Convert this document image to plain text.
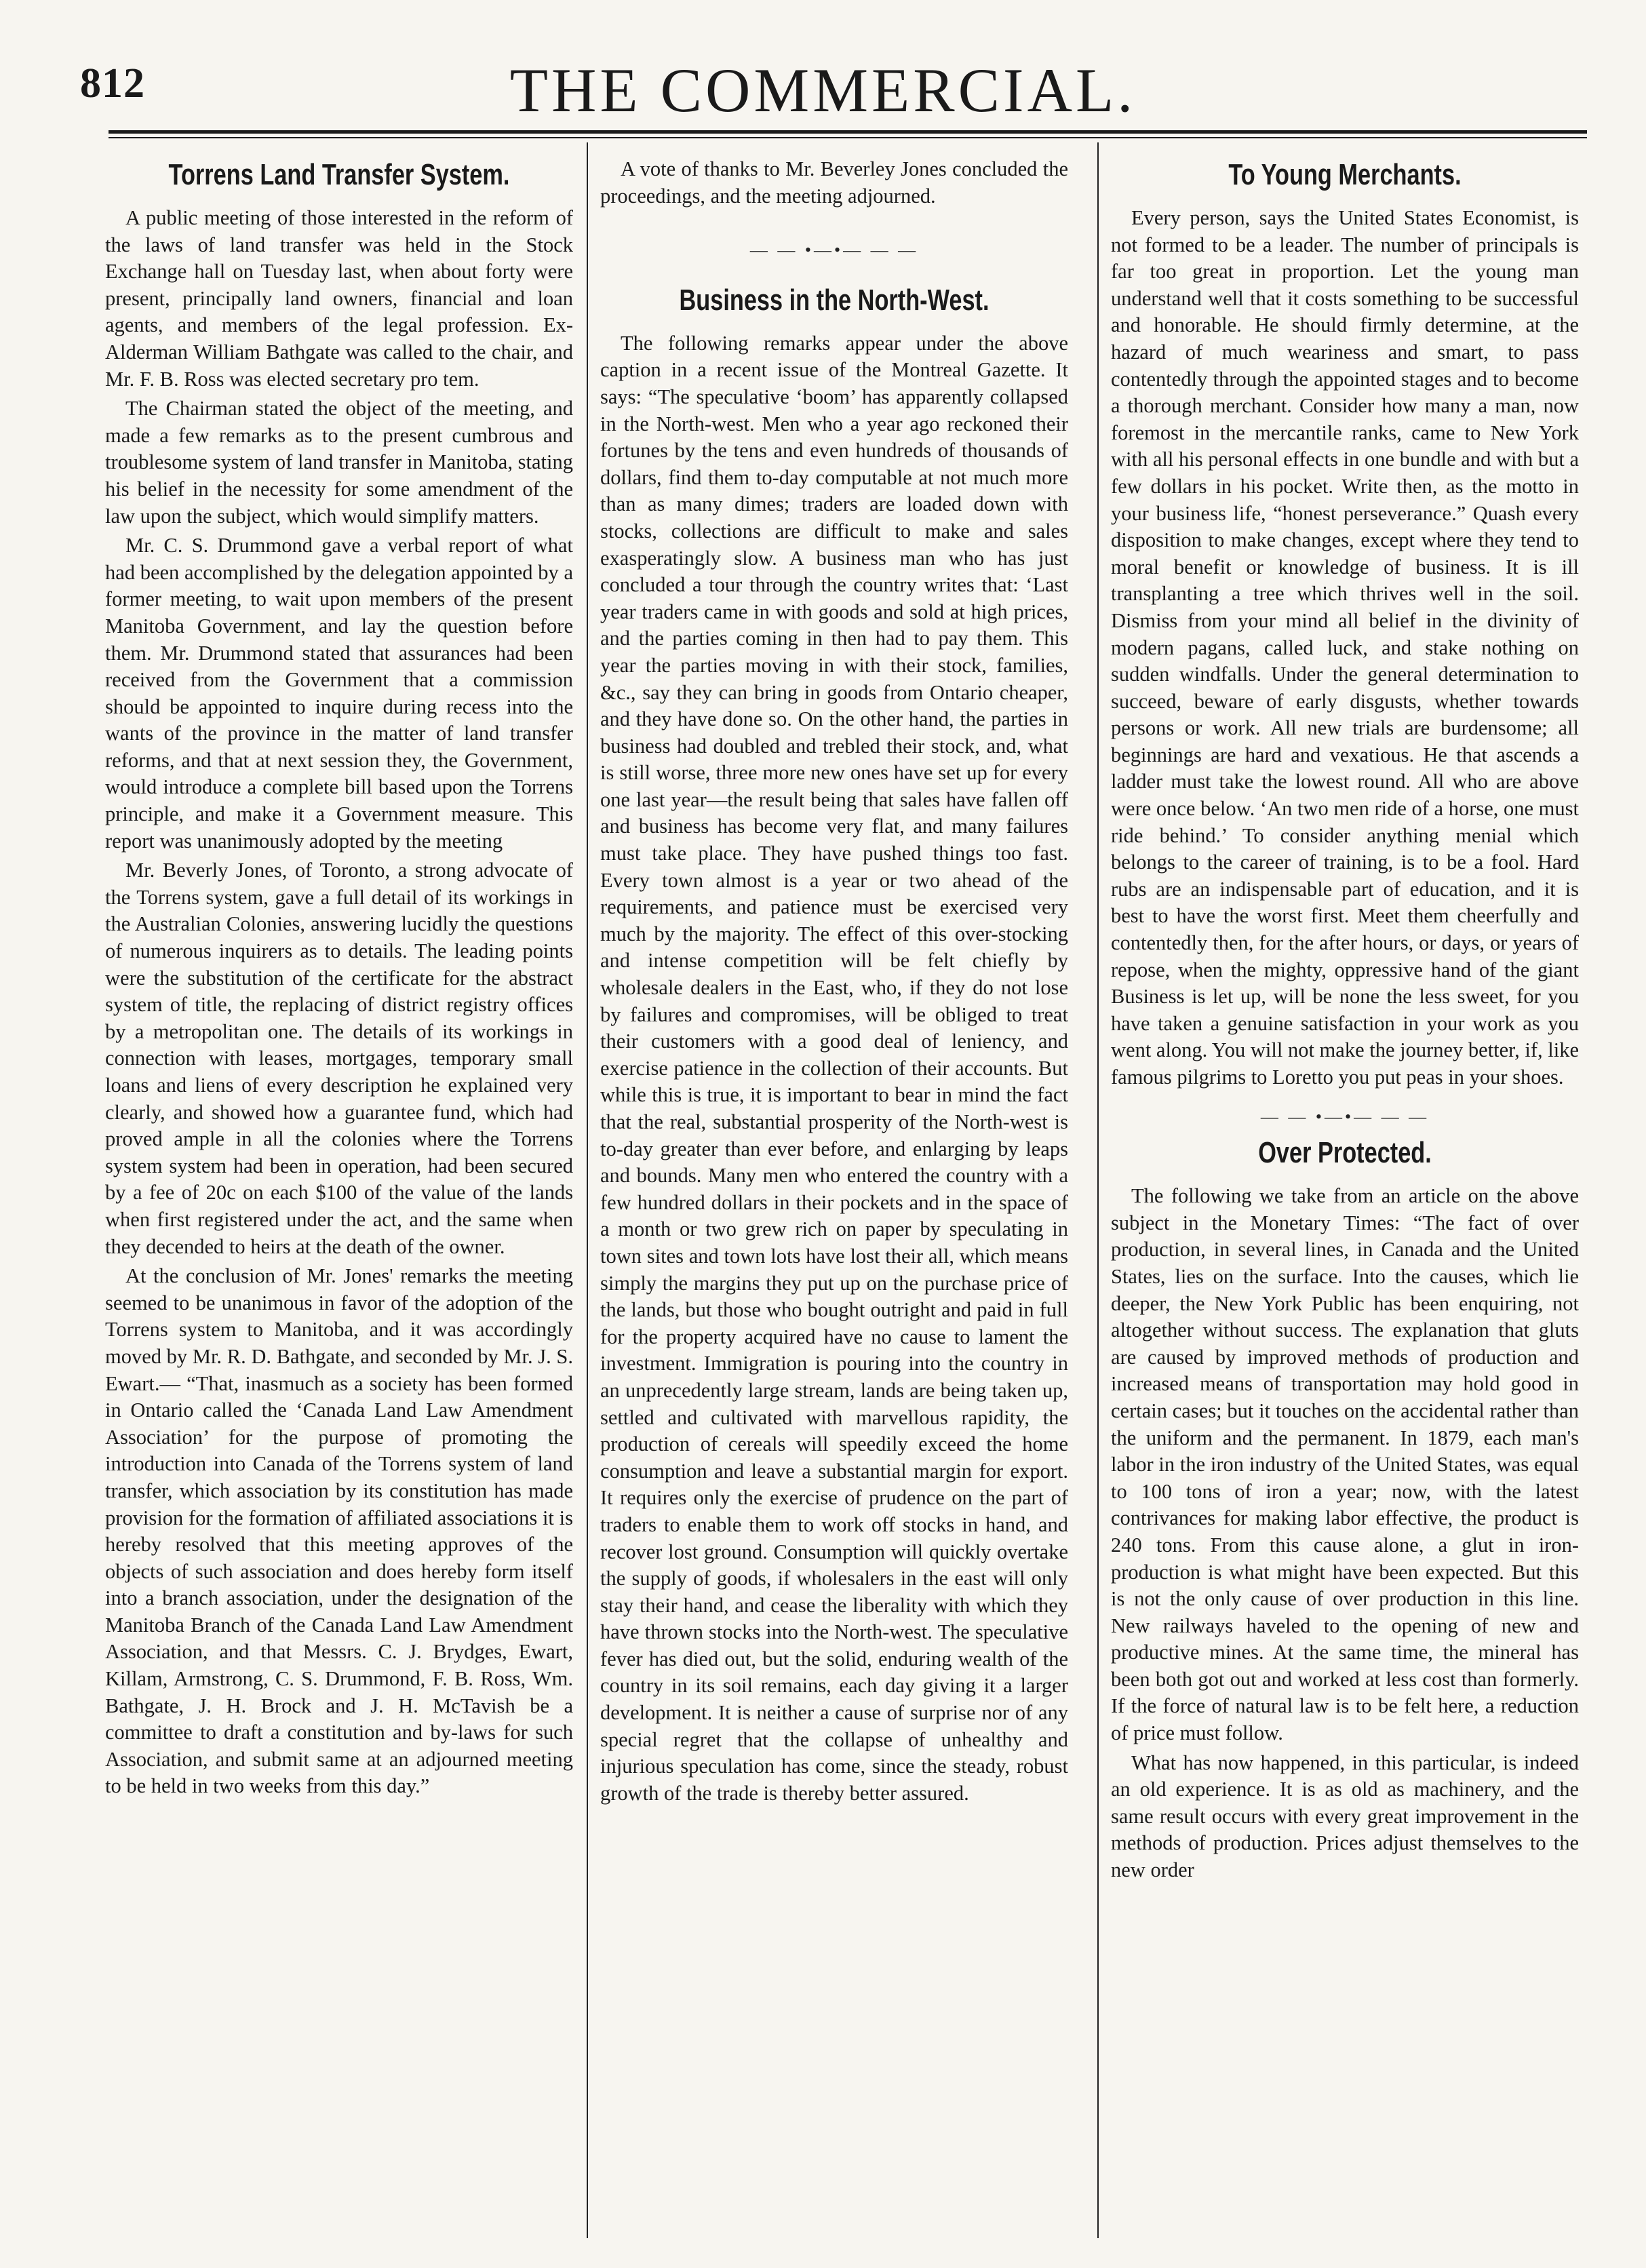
812	THE COMMERCIAL.
Torrens Land Transfer System.

A public meeting of those interested in the reform of the laws of land transfer was held in the Stock Exchange hall on Tuesday last, when about forty were present, principally land owners, financial and loan agents, and members of the legal profession. Ex-Alderman William Bathgate was called to the chair, and Mr. F. B. Ross was elected secretary pro tem.

The Chairman stated the object of the meeting, and made a few remarks as to the present cumbrous and troublesome system of land transfer in Manitoba, stating his belief in the necessity for some amendment of the law upon the subject, which would simplify matters.

Mr. C. S. Drummond gave a verbal report of what had been accomplished by the delegation appointed by a former meeting, to wait upon members of the present Manitoba Government, and lay the question before them. Mr. Drummond stated that assurances had been received from the Government that a commission should be appointed to inquire during recess into the wants of the province in the matter of land transfer reforms, and that at next session they, the Government, would introduce a complete bill based upon the Torrens principle, and make it a Government measure. This report was unanimously adopted by the meeting

Mr. Beverly Jones, of Toronto, a strong advocate of the Torrens system, gave a full detail of its workings in the Australian Colonies, answering lucidly the questions of numerous inquirers as to details. The leading points were the substitution of the certificate for the abstract system of title, the replacing of district registry offices by a metropolitan one. The details of its workings in connection with leases, mortgages, temporary small loans and liens of every description he explained very clearly, and showed how a guarantee fund, which had proved ample in all the colonies where the Torrens system system had been in operation, had been secured by a fee of 20c on each $100 of the value of the lands when first registered under the act, and the same when they decended to heirs at the death of the owner.

At the conclusion of Mr. Jones' remarks the meeting seemed to be unanimous in favor of the adoption of the Torrens system to Manitoba, and it was accordingly moved by Mr. R. D. Bathgate, and seconded by Mr. J. S. Ewart.— “That, inasmuch as a society has been formed in Ontario called the ‘Canada Land Law Amendment Association’ for the purpose of promoting the introduction into Canada of the Torrens system of land transfer, which association by its constitution has made provision for the formation of affiliated associations it is hereby resolved that this meeting approves of the objects of such association and does hereby form itself into a branch association, under the designation of the Manitoba Branch of the Canada Land Law Amendment Association, and that Messrs. C. J. Brydges, Ewart, Killam, Armstrong, C. S. Drummond, F. B. Ross, Wm. Bathgate, J. H. Brock and J. H. McTavish be a committee to draft a constitution and by-laws for such Association, and submit same at an adjourned meeting to be held in two weeks from this day.”

A vote of thanks to Mr. Beverley Jones concluded the proceedings, and the meeting adjourned.

— — •—•— — —
Business in the North-West.

The following remarks appear under the above caption in a recent issue of the Montreal Gazette. It says: “The speculative ‘boom’ has apparently collapsed in the North-west. Men who a year ago reckoned their fortunes by the tens and even hundreds of thousands of dollars, find them to-day computable at not much more than as many dimes; traders are loaded down with stocks, collections are difficult to make and sales exasperatingly slow. A business man who has just concluded a tour through the country writes that: ‘Last year traders came in with goods and sold at high prices, and the parties coming in then had to pay them. This year the parties moving in with their stock, families, &c., say they can bring in goods from Ontario cheaper, and they have done so. On the other hand, the parties in business had doubled and trebled their stock, and, what is still worse, three more new ones have set up for every one last year—the result being that sales have fallen off and business has become very flat, and many failures must take place. They have pushed things too fast. Every town almost is a year or two ahead of the requirements, and patience must be exercised very much by the majority. The effect of this over-stocking and intense competition will be felt chiefly by wholesale dealers in the East, who, if they do not lose by failures and compromises, will be obliged to treat their customers with a good deal of leniency, and exercise patience in the collection of their accounts. But while this is true, it is important to bear in mind the fact that the real, substantial prosperity of the North-west is to-day greater than ever before, and enlarging by leaps and bounds. Many men who entered the country with a few hundred dollars in their pockets and in the space of a month or two grew rich on paper by speculating in town sites and town lots have lost their all, which means simply the margins they put up on the purchase price of the lands, but those who bought outright and paid in full for the property acquired have no cause to lament the investment. Immigration is pouring into the country in an unprecedently large stream, lands are being taken up, settled and cultivated with marvellous rapidity, the production of cereals will speedily exceed the home consumption and leave a substantial margin for export. It requires only the exercise of prudence on the part of traders to enable them to work off stocks in hand, and recover lost ground. Consumption will quickly overtake the supply of goods, if wholesalers in the east will only stay their hand, and cease the liberality with which they have thrown stocks into the North-west. The speculative fever has died out, but the solid, enduring wealth of the country in its soil remains, each day giving it a larger development. It is neither a cause of surprise nor of any special regret that the collapse of unhealthy and injurious speculation has come, since the steady, robust growth of the trade is thereby better assured.

To Young Merchants.

Every person, says the United States Economist, is not formed to be a leader. The number of principals is far too great in proportion. Let the young man understand well that it costs something to be successful and honorable. He should firmly determine, at the hazard of much weariness and smart, to pass contentedly through the appointed stages and to become a thorough merchant. Consider how many a man, now foremost in the mercantile ranks, came to New York with all his personal effects in one bundle and with but a few dollars in his pocket. Write then, as the motto in your business life, “honest perseverance.” Quash every disposition to make changes, except where they tend to moral benefit or knowledge of business. It is ill transplanting a tree which thrives well in the soil. Dismiss from your mind all belief in the divinity of modern pagans, called luck, and stake nothing on sudden windfalls. Under the general determination to succeed, beware of early disgusts, whether towards persons or work. All new trials are burdensome; all beginnings are hard and vexatious. He that ascends a ladder must take the lowest round. All who are above were once below. ‘An two men ride of a horse, one must ride behind.’ To consider anything menial which belongs to the career of training, is to be a fool. Hard rubs are an indispensable part of education, and it is best to have the worst first. Meet them cheerfully and contentedly then, for the after hours, or days, or years of repose, when the mighty, oppressive hand of the giant Business is let up, will be none the less sweet, for you have taken a genuine satisfaction in your work as you went along. You will not make the journey better, if, like famous pilgrims to Loretto you put peas in your shoes.

— — •—•— — —
Over Protected.

The following we take from an article on the above subject in the Monetary Times: “The fact of over production, in several lines, in Canada and the United States, lies on the surface. Into the causes, which lie deeper, the New York Public has been enquiring, not altogether without success. The explanation that gluts are caused by improved methods of production and increased means of transportation may hold good in certain cases; but it touches on the accidental rather than the uniform and the permanent. In 1879, each man's labor in the iron industry of the United States, was equal to 100 tons of iron a year; now, with the latest contrivances for making labor effective, the product is 240 tons. From this cause alone, a glut in iron-production is what might have been expected. But this is not the only cause of over production in this line. New railways haveled to the opening of new and productive mines. At the same time, the mineral has been both got out and worked at less cost than formerly. If the force of natural law is to be felt here, a reduction of price must follow.

What has now happened, in this particular, is indeed an old experience. It is as old as machinery, and the same result occurs with every great improvement in the methods of production. Prices adjust themselves to the new order
